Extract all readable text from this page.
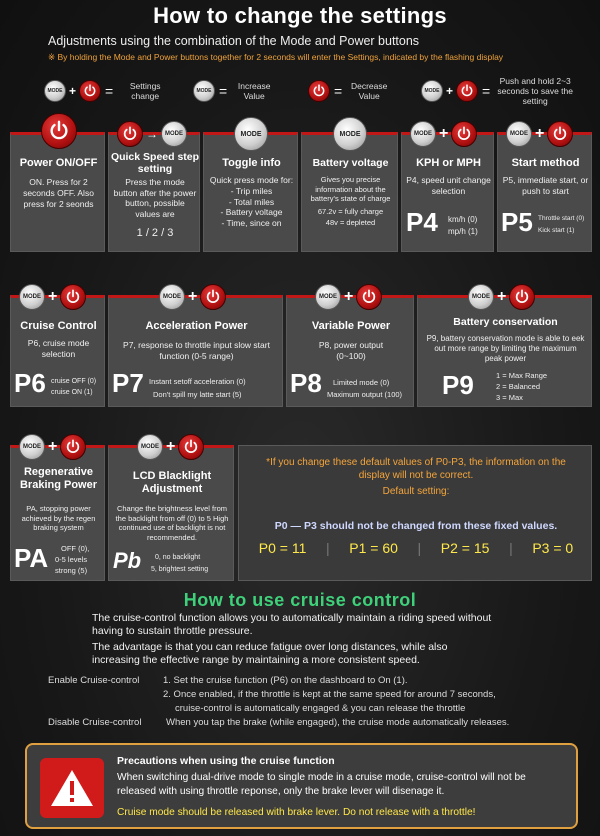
How to change the settings
Adjustments using the combination of the Mode and Power buttons
※ By holding the Mode and Power buttons together for 2 seconds will enter the Settings, indicated by the flashing display
MODE + =	Settings change	MODE =	Increase Value	=	Decrease Value	MODE + =
Push and hold 2~3 seconds to save the setting
Power ON/OFF
ON. Press for 2 seconds OFF. Also press for 2 seonds
→	MODE
Quick Speed step setting
Press the mode button after the power button, possible values are
1 / 2 / 3
MODE
Toggle info
Quick press mode for:
- Trip miles
- Total miles
- Battery voltage
- Time, since on
MODE
Battery voltage
Gives you precise information about the battery's state of charge
67.2v = fully charge
48v = depleted
MODE +
KPH or MPH
P4, speed unit change selection
P4 km/h (0)
mp/h (1)
MODE +
Start method
P5, immediate start, or push to start
P5 Throttle start (0)
Kick start (1)
MODE +
Cruise Control
P6, cruise mode selection
P6 cruise OFF (0)
cruise ON (1)
MODE +
Acceleration Power
P7, response to throttle input slow start function (0-5 range)
P7 Instant setoff acceleration (0)
Don't spill my latte start (5)
MODE +
Variable Power
P8, power output (0~100)
P8 Limited mode (0)
Maximum output (100)
MODE +
Battery conservation
P9, battery conservation mode is able to eek out more range by limiting the maximum peak power
P9	1 = Max Range
2 = Balanced
3 = Max
MODE +
Regenerative Braking Power
PA, stopping power achieved by the regen braking system
PA OFF (0),
0-5 levels
strong (5)
MODE +
LCD Blacklight Adjustment
Change the brightness level from the backlight from off (0) to 5 High continued use of backlight is not recommended.
Pb 0, no backlight
5, brightest setting
*If you change these default values of P0-P3, the information on the display will not be correct.
Default setting:
P0 — P3 should not be changed from these fixed values.
P0 = 11 | P1 = 60 | P2 = 15 | P3 = 0
How to use cruise control
The cruise-control function allows you to automatically maintain a riding speed without having to sustain throttle pressure.
The advantage is that you can reduce fatigue over long distances, while also increasing the effective range by maintaining a more consistent speed.
Enable Cruise-control 1. Set the cruise function (P6) on the dashboard to On (1).
2. Once enabled, if the throttle is kept at the same speed for around 7 seconds,
cruise-control is automatically engaged & you can release the throttle
Disable Cruise-control	When you tap the brake (while engaged), the cruise mode automatically releases.
Precautions when using the cruise function
When switching dual-drive mode to single mode in a cruise mode, cruise-control will not be released with using throttle reponse, only the brake lever will disenage it.
Cruise mode should be released with brake lever. Do not release with a throttle!
